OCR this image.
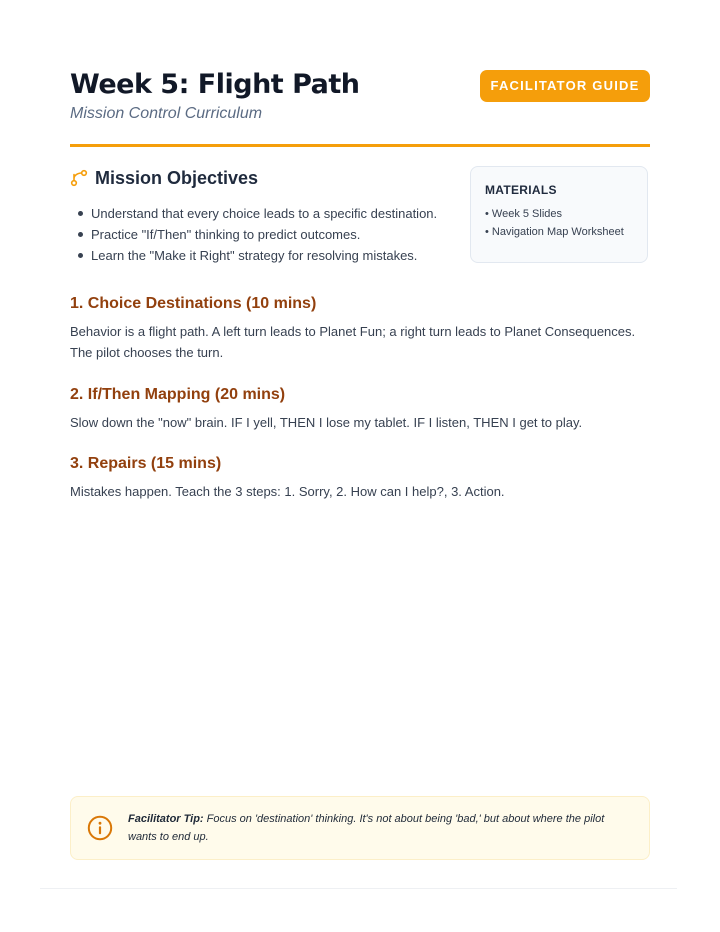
Week 5: Flight Path
Mission Control Curriculum
FACILITATOR GUIDE
Mission Objectives
Understand that every choice leads to a specific destination.
Practice "If/Then" thinking to predict outcomes.
Learn the "Make it Right" strategy for resolving mistakes.
MATERIALS
• Week 5 Slides
• Navigation Map Worksheet
1. Choice Destinations (10 mins)

Behavior is a flight path. A left turn leads to Planet Fun; a right turn leads to Planet Consequences. The pilot chooses the turn.

2. If/Then Mapping (20 mins)

Slow down the "now" brain. IF I yell, THEN I lose my tablet. IF I listen, THEN I get to play.

3. Repairs (15 mins)

Mistakes happen. Teach the 3 steps: 1. Sorry, 2. How can I help?, 3. Action.

Facilitator Tip: Focus on 'destination' thinking. It's not about being 'bad,' but about where the pilot wants to end up.
